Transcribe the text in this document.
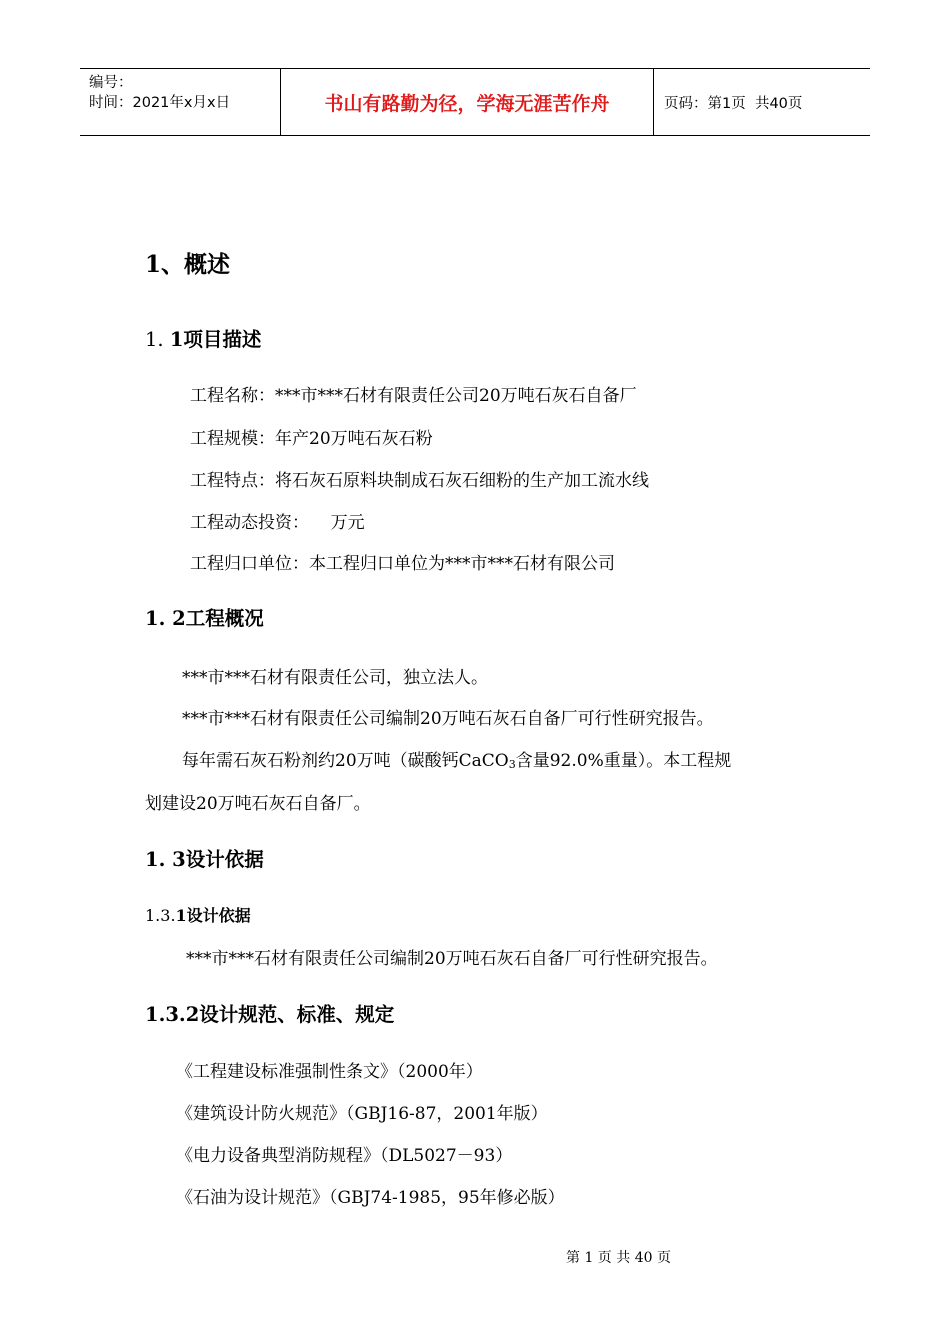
编号：
时间：2021年x月x日	书山有路勤为径，学海无涯苦作舟	页码：第1页  共40页
1、概述
1. 1项目描述
工程名称：***市***石材有限责任公司20万吨石灰石自备厂
工程规模：年产20万吨石灰石粉
工程特点：将石灰石原料块制成石灰石细粉的生产加工流水线
工程动态投资：    万元
工程归口单位：本工程归口单位为***市***石材有限公司
1. 2工程概况
***市***石材有限责任公司，独立法人。
***市***石材有限责任公司编制20万吨石灰石自备厂可行性研究报告。
每年需石灰石粉剂约20万吨（碳酸钙CaCO$_3$含量92.0%重量）。本工程规
划建设20万吨石灰石自备厂。
1. 3设计依据
1.3.1设计依据
***市***石材有限责任公司编制20万吨石灰石自备厂可行性研究报告。
1.3.2设计规范、标准、规定
《工程建设标准强制性条文》（2000年）
《建筑设计防火规范》（GBJ16-87，2001年版）
《电力设备典型消防规程》（DL5027－93）
《石油为设计规范》（GBJ74-1985，95年修必版）
第 1 页 共 40 页
